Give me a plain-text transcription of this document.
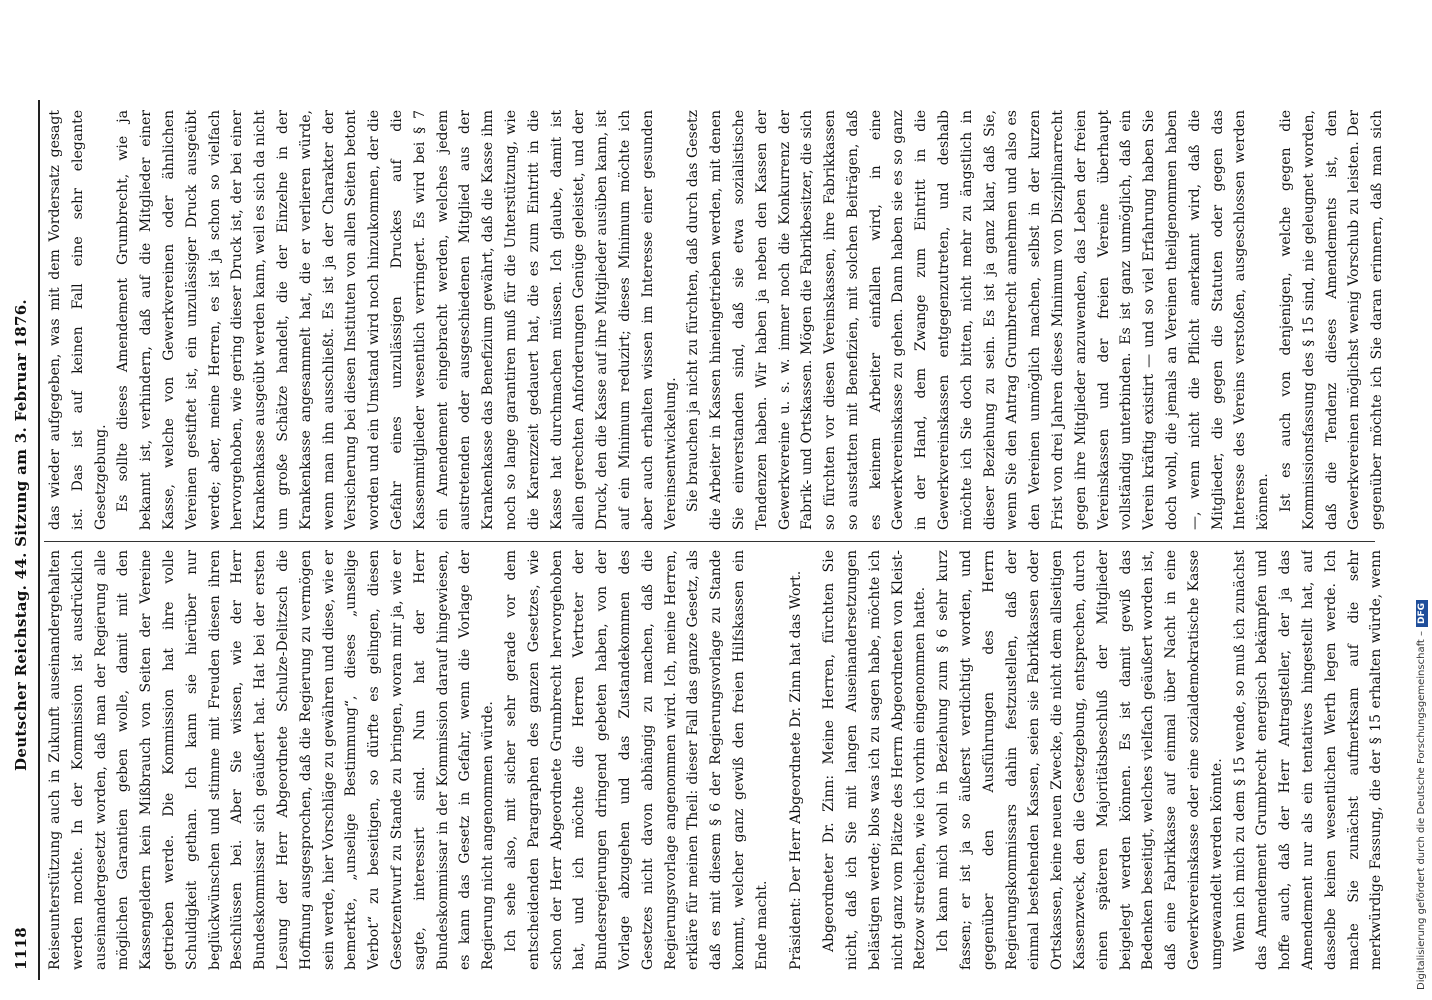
1118
Deutscher Reichstag. 44. Sitzung am 3. Februar 1876. Reiseunterstützung auch in Zukunft auseinandergehalten werden mochte. In der Kommission ist ausdrücklich auseinandergesetzt worden, daß man der Regierung alle möglichen Garantien geben wolle, damit mit den Kassengeldern kein Mißbrauch von Seiten der Vereine getrieben werde. Die Kommission hat ihre volle Schuldigkeit gethan. Ich kann sie hierüber nur beglückwünschen und stimme mit Freuden diesen ihren Beschlüssen bei. Aber Sie wissen, wie der Herr Bundeskommissar sich geäußert hat. Hat bei der ersten Lesung der Herr Abgeordnete Schulze-Delitzsch die Hoffnung ausgesprochen, daß die Regierung zu vermögen sein werde, hier Vorschläge zu gewähren und diese, wie er bemerkte, „unselige Bestimmung“, dieses „unselige Verbot“ zu beseitigen, so dürfte es gelingen, diesen Gesetzentwurf zu Stande zu bringen, woran mir ja, wie er sagte, interessirt sind. Nun hat der Herr Bundeskommissar in der Kommission darauf hingewiesen, es kann das Gesetz in Gefahr, wenn die Vorlage der Regierung nicht angenommen würde. Ich sehe also, mit sicher sehr gerade vor dem entscheidenden Paragraphen des ganzen Gesetzes, wie schon der Herr Abgeordnete Grumbrecht hervorgehoben hat, und ich möchte die Herren Vertreter der Bundesregierungen dringend gebeten haben, von der Vorlage abzugehen und das Zustandekommen des Gesetzes nicht davon abhängig zu machen, daß die Regierungsvorlage angenommen wird. Ich, meine Herren, erkläre für meinen Theil: dieser Fall das ganze Gesetz, als daß es mit diesem § 6 der Regierungsvorlage zu Stande kommt, welcher ganz gewiß den freien Hilfskassen ein Ende macht. Präsident: Der Herr Abgeordnete Dr. Zinn hat das Wort. Abgeordneter Dr. Zinn: Meine Herren, fürchten Sie nicht, daß ich Sie mit langen Auseinandersetzungen belästigen werde; blos was ich zu sagen habe, möchte ich nicht ganz vom Plätze des Herrn Abgeordneten von Kleist-Retzow streichen, wie ich vorhin eingenommen hatte. Ich kann mich wohl in Beziehung zum § 6 sehr kurz fassen; er ist ja so äußerst verdichtigt worden, und gegenüber den Ausführungen des Herrn Regierungskommissars dahin festzustellen, daß der einmal bestehenden Kassen, seien sie Fabrikkassen oder Ortskassen, keine neuen Zwecke, die nicht dem allseitigen Kassenzweck, den die Gesetzgebung, entsprechen, durch einen späteren Majoritätsbeschluß der Mitglieder beigelegt werden können. Es ist damit gewiß das Bedenken beseitigt, welches vielfach geäußert worden ist, daß eine Fabrikkasse auf einmal über Nacht in eine Gewerkvereinskasse oder eine sozialdemokratische Kasse umgewandelt werden könnte. Wenn ich mich zu dem § 15 wende, so muß ich zunächst das Amendement Grumbrecht energisch bekämpfen und hoffe auch, daß der Herr Antragsteller, der ja das Amendement nur als ein tentatives hingestellt hat, auf dasselbe keinen wesentlichen Werth legen werde. Ich mache Sie zunächst aufmerksam auf die sehr merkwürdige Fassung, die der § 15 erhalten würde, wenn

das wieder aufgegeben, was mit dem Vordersatz gesagt ist. Das ist auf keinen Fall eine sehr elegante Gesetzgebung. Es sollte dieses Amendement Grumbrecht, wie ja bekannt ist, verhindern, daß auf die Mitglieder einer Kasse, welche von Gewerkvereinen oder ähnlichen Vereinen gestiftet ist, ein unzulässiger Druck ausgeübt werde; aber, meine Herren, es ist ja schon so vielfach hervorgehoben, wie gering dieser Druck ist, der bei einer Krankenkasse ausgeübt werden kann, weil es sich da nicht um große Schätze handelt, die der Einzelne in der Krankenkasse angesammelt hat, die er verlieren würde, wenn man ihn ausschließt. Es ist ja der Charakter der Versicherung bei diesen Instituten von allen Seiten betont worden und ein Umstand wird noch hinzukommen, der die Gefahr eines unzulässigen Druckes auf die Kassenmitglieder wesentlich verringert. Es wird bei § 7 ein Amendement eingebracht werden, welches jedem austretenden oder ausgeschiedenen Mitglied aus der Krankenkasse das Benefizium gewährt, daß die Kasse ihm noch so lange garantiren muß für die Unterstützung, wie die Karenzzeit gedauert hat, die es zum Eintritt in die Kasse hat durchmachen müssen. Ich glaube, damit ist allen gerechten Anforderungen Genüge geleistet, und der Druck, den die Kasse auf ihre Mitglieder ausüben kann, ist auf ein Minimum reduzirt; dieses Minimum möchte ich aber auch erhalten wissen im Interesse einer gesunden Vereinsentwickelung. Sie brauchen ja nicht zu fürchten, daß durch das Gesetz die Arbeiter in Kassen hineingetrieben werden, mit denen Sie einverstanden sind, daß sie etwa sozialistische Tendenzen haben. Wir haben ja neben den Kassen der Gewerkvereine u. s. w. immer noch die Konkurrenz der Fabrik- und Ortskassen. Mögen die Fabrikbesitzer, die sich so fürchten vor diesen Vereinskassen, ihre Fabrikkassen so ausstatten mit Benefizien, mit solchen Beiträgen, daß es keinem Arbeiter einfallen wird, in eine Gewerkvereinskasse zu gehen. Dann haben sie es so ganz in der Hand, dem Zwange zum Eintritt in die Gewerkvereinskassen entgegenzutreten, und deshalb möchte ich Sie doch bitten, nicht mehr zu ängstlich in dieser Beziehung zu sein. Es ist ja ganz klar, daß Sie, wenn Sie den Antrag Grumbrecht annehmen und also es den Vereinen unmöglich machen, selbst in der kurzen Frist von drei Jahren dieses Minimum von Disziplinarrecht gegen ihre Mitglieder anzuwenden, das Leben der freien Vereinskassen und der freien Vereine überhaupt vollständig unterbinden. Es ist ganz unmöglich, daß ein Verein kräftig existirt — und so viel Erfahrung haben Sie doch wohl, die jemals an Vereinen theilgenommen haben —, wenn nicht die Pflicht anerkannt wird, daß die Mitglieder, die gegen die Statuten oder gegen das Interesse des Vereins verstoßen, ausgeschlossen werden können. Ist es auch von denjenigen, welche gegen die Kommissionsfassung des § 15 sind, nie geleugnet worden, daß die Tendenz dieses Amendements ist, den Gewerkvereinen möglichst wenig Vorschub zu leisten. Der gegenüber möchte ich Sie daran erinnern, daß man sich

Digitalisierung gefördert durch die Deutsche Forschungsgemeinschaft –DFG
